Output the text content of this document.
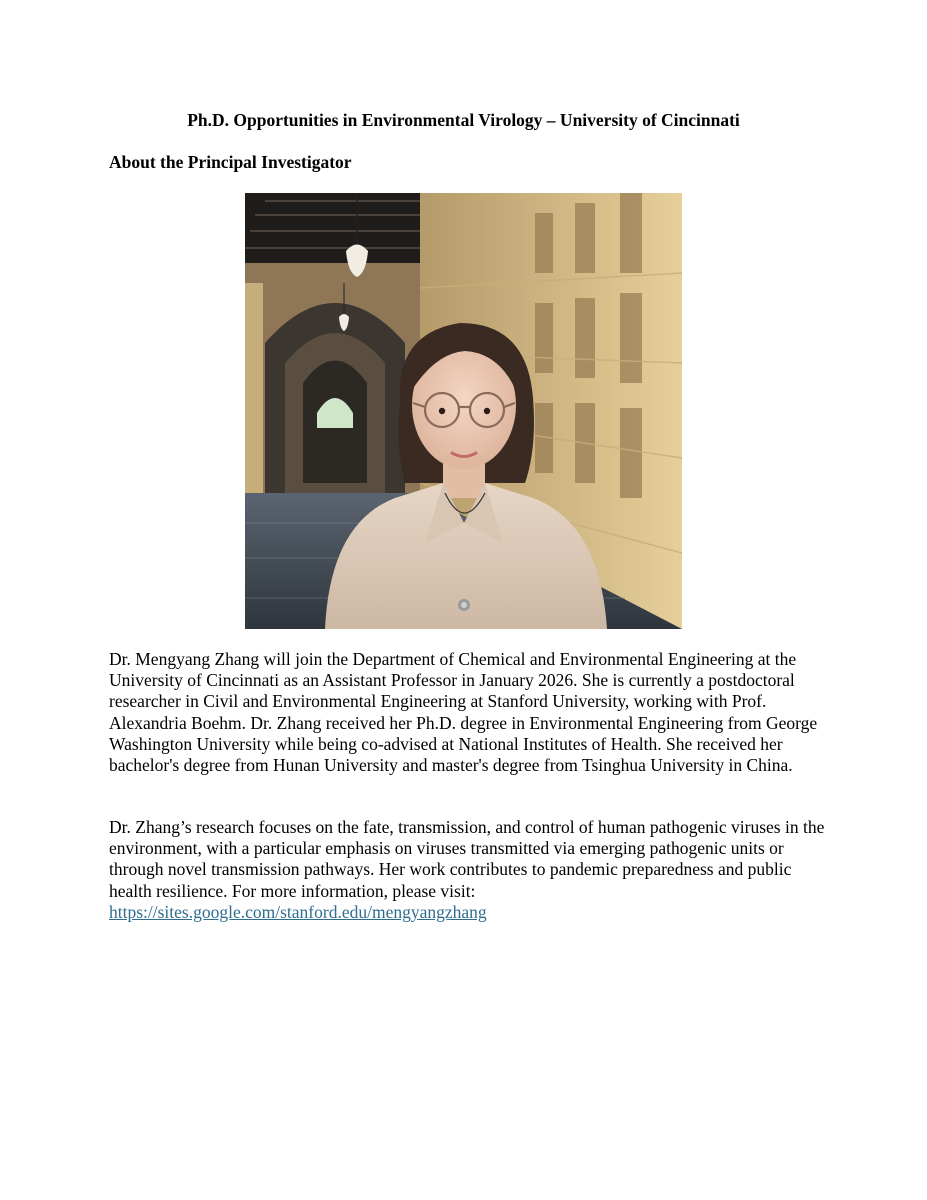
Ph.D. Opportunities in Environmental Virology – University of Cincinnati
About the Principal Investigator

Dr. Mengyang Zhang will join the Department of Chemical and Environmental Engineering at the University of Cincinnati as an Assistant Professor in January 2026. She is currently a postdoctoral researcher in Civil and Environmental Engineering at Stanford University, working with Prof. Alexandria Boehm. Dr. Zhang received her Ph.D. degree in Environmental Engineering from George Washington University while being co-advised at National Institutes of Health. She received her bachelor's degree from Hunan University and master's degree from Tsinghua University in China.

Dr. Zhang’s research focuses on the fate, transmission, and control of human pathogenic viruses in the environment, with a particular emphasis on viruses transmitted via emerging pathogenic units or through novel transmission pathways. Her work contributes to pandemic preparedness and public health resilience. For more information, please visit:
https://sites.google.com/stanford.edu/mengyangzhang
